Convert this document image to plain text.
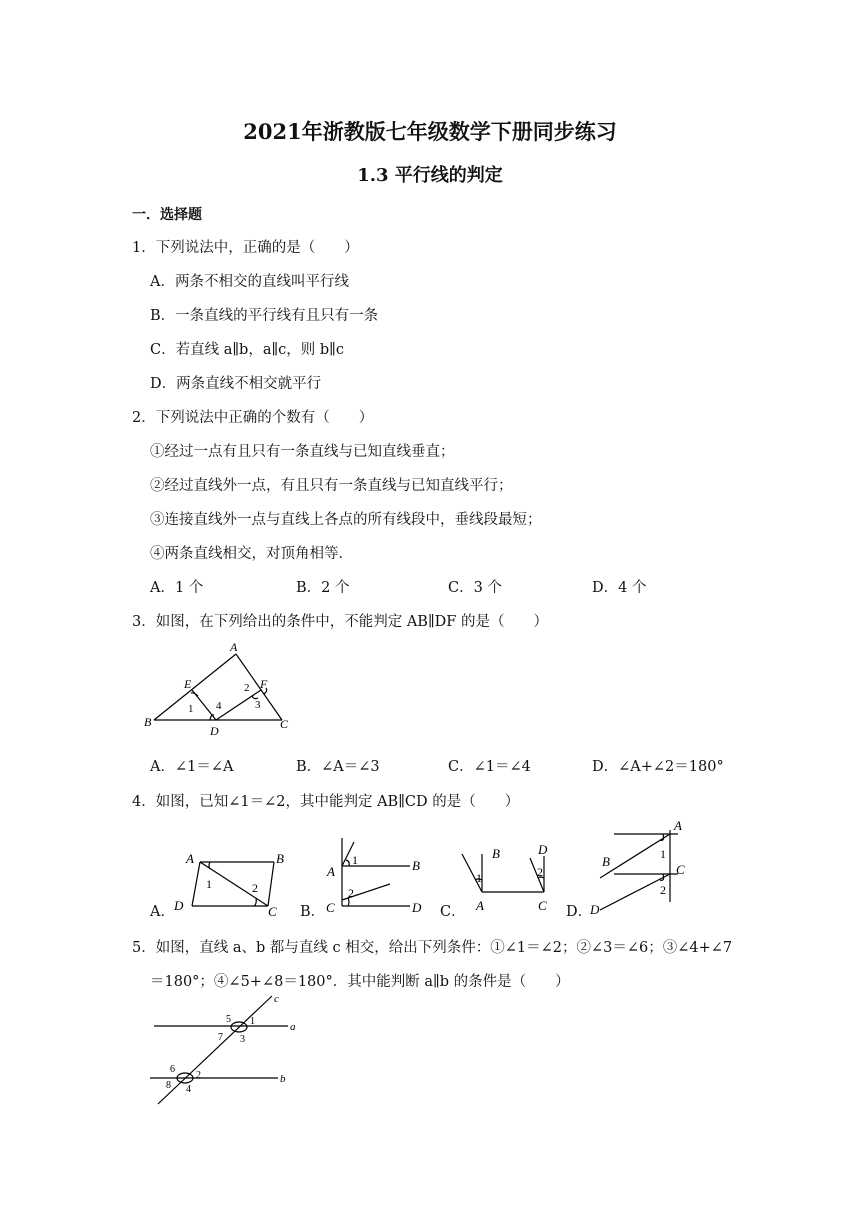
2021年浙教版七年级数学下册同步练习
1.3 平行线的判定
一．选择题
1．下列说法中，正确的是（　　）
A．两条不相交的直线叫平行线
B．一条直线的平行线有且只有一条
C．若直线 a∥b，a∥c，则 b∥c
D．两条直线不相交就平行
2．下列说法中正确的个数有（　　）
①经过一点有且只有一条直线与已知直线垂直；
②经过直线外一点，有且只有一条直线与已知直线平行；
③连接直线外一点与直线上各点的所有线段中，垂线段最短；
④两条直线相交，对顶角相等．
A．1 个	B．2 个	C．3 个	D．4 个
3．如图，在下列给出的条件中，不能判定 AB∥DF 的是（　　）
A
B	C
D
E	F
1
2
3
4
A．∠1＝∠A	B．∠A＝∠3	C．∠1＝∠4	D．∠A+∠2＝180°
4．如图，已知∠1＝∠2，其中能判定 AB∥CD 的是（　　）
A．
A	B
D	C
1	2
B．
A	B
C	D
1
2
C．
B	D
A	C
1	2
D．
A
B
C
D
1
2
5．如图，直线 a、b 都与直线 c 相交，给出下列条件：①∠1＝∠2；②∠3＝∠6；③∠4+∠7
＝180°；④∠5+∠8＝180°．其中能判断 a∥b 的条件是（　　）
c
a
b
5 1
7 3
6
2
8 4
